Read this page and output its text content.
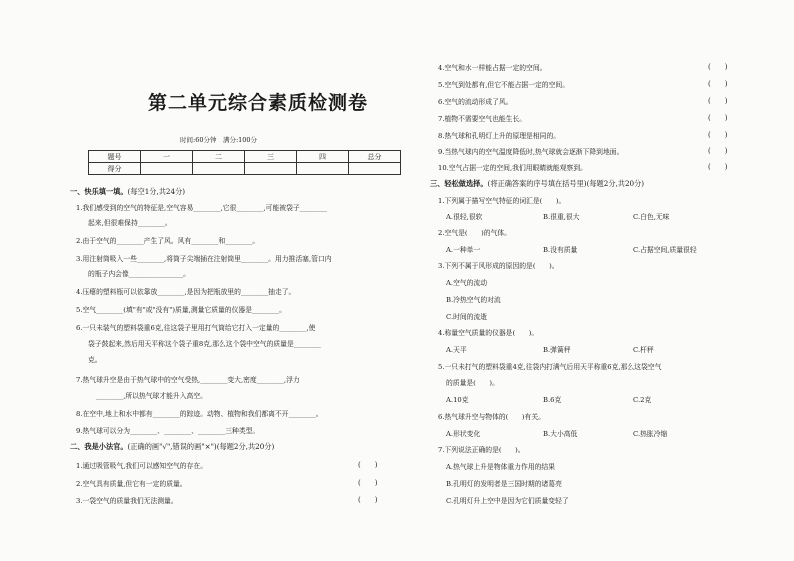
第二单元综合素质检测卷
时间:60分钟　满分:100分
题号	一	二	三	四	总分
得分					
一、快乐填一填。(每空1分,共24分)
1.我们感受到的空气的特征是,空气容易________,它很________,可能被袋子________
起来,但很难保持________。
2.由于空气的________产生了风。风有________和________。
3.用注射筒吸入一些________,将筒子尖端插在注射筒里________。用力推活塞,管口内
的瓶子内会像________________。
4.压瘪的塑料瓶可以依靠放________,是因为把瓶放里的________抽走了。
5.空气________(填"有"或"没有")质量,测量它质量的仪器是________。
6.一只未装气的塑料袋重6克,往这袋子里用打气筒给它打入一定量的________,使
袋子鼓起来,然后用天平称这个袋子重8克,那么这个袋中空气的质量是________
克。
7.热气球升空是由于热气球中的空气受热,________变大,密度________,浮力
________,所以热气球才能升入高空。
8.在空中,地上和水中都有________的踪迹。动物、植物和我们都离不开________。
9.热气球可以分为________、________、________三种类型。
二、我是小法官。(正确的画"√",错误的画"×")(每题2分,共20分)
1.通过吸管吸气,我们可以感知空气的存在。	(　　)
2.空气具有质量,但它有一定的质量。	(　　)
3.一袋空气的质量我们无法测量。	(　　)
4.空气和水一样能占据一定的空间。	(　　)
5.空气到处都有,但它不能占据一定的空间。	(　　)
6.空气的流动形成了风。	(　　)
7.植物不需要空气也能生长。	(　　)
8.热气球和孔明灯上升的原理是相同的。	(　　)
9.当热气球内的空气温度降低时,热气球就会逐渐下降到地面。	(　　)
10.空气占据一定的空间,我们用眼睛就能观察到。	(　　)
三、轻松做选择。(将正确答案的序号填在括号里)(每题2分,共20分)
1.下列属于描写空气特征的词汇是(　　)。
A.很轻,很软	B.很重,很大	C.白色,无味
2.空气是(　　)的气体。
A.一种单一	B.没有质量	C.占据空间,质量很轻
3.下列不属于风形成的原因的是(　　)。
A.空气的流动
B.冷热空气的对流
C.时间的流逝
4.称量空气质量的仪器是(　　)。
A.天平	B.弹簧秤	C.杆秤
5.一只未打气的塑料袋重4克,往袋内打满气后用天平称重6克,那么这袋空气
的质量是(　　)。
A.10克	B.6克	C.2克
6.热气球升空与物体的(　　)有关。
A.形状变化	B.大小高低	C.热胀冷缩
7.下列说法正确的是(　　)。
A.热气球上升是物体重力作用的结果
B.孔明灯的发明者是三国时期的诸葛亮
C.孔明灯升上空中是因为它们质量变轻了
